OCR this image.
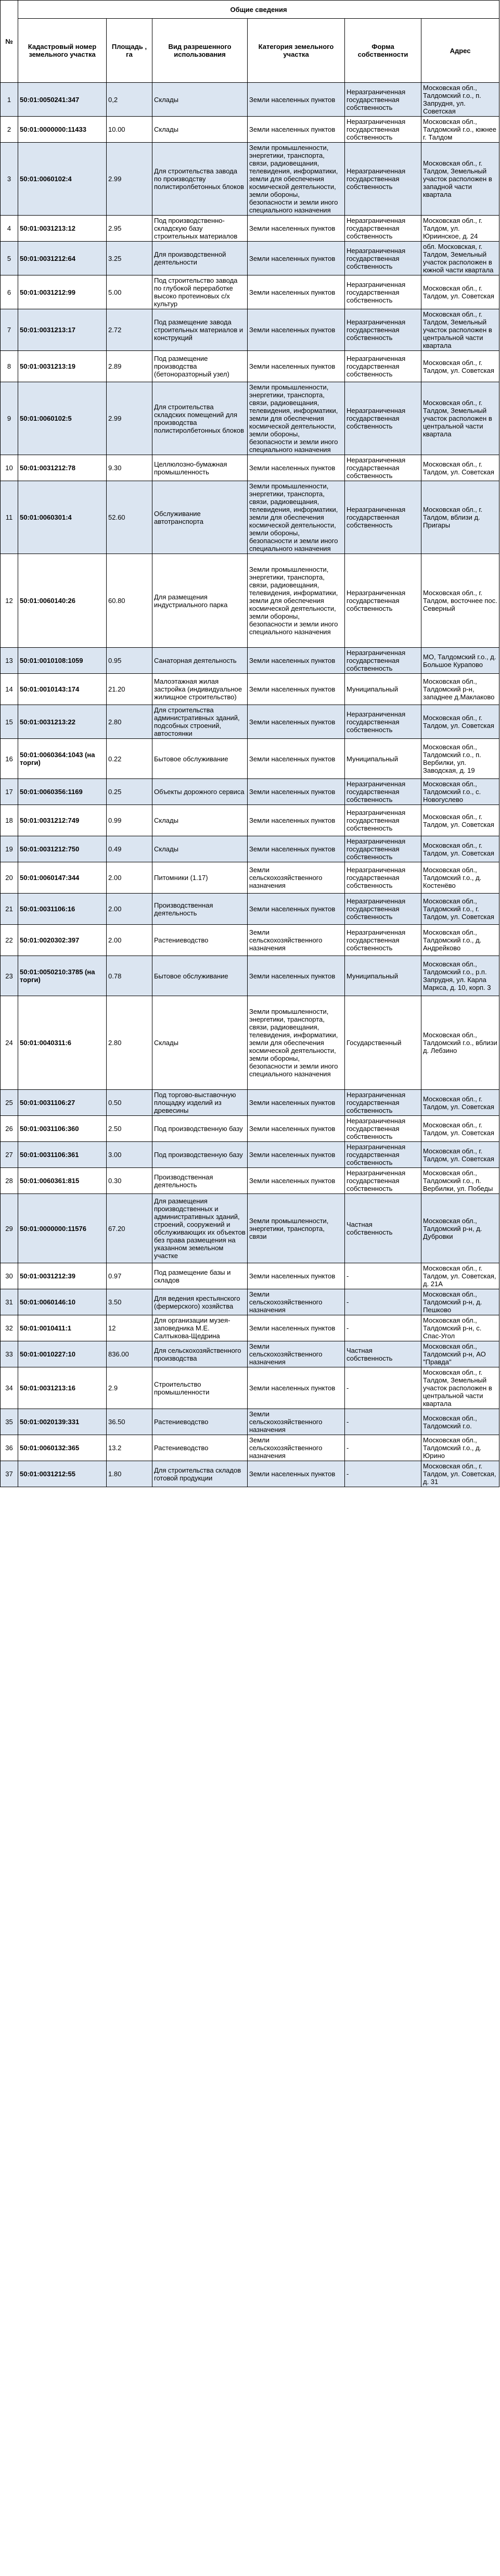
№	Общие сведения					
	Кадастровый номер земельного участка	Площадь , га	Вид разрешенного использования	Категория земельного участка	Форма собственности	Адрес
1	50:01:0050241:347	0,2	Склады	Земли населенных пунктов	Неразграниченная государственная собственность	Московская обл., Талдомский г.о., п. Запрудня, ул. Советская
2	50:01:0000000:11433	10.00	Склады	Земли населенных пунктов	Неразграниченная государственная собственность	Московская обл., Талдомский г.о., южнее г. Талдом
3	50:01:0060102:4	2.99	Для строительства завода по производству полистиролбетонных блоков	Земли промышленности, энергетики, транспорта, связи, радиовещания, телевидения, информатики, земли для обеспечения космической деятельности, земли обороны, безопасности и земли иного специального назначения	Неразграниченная государственная собственность	Московская обл., г. Талдом, Земельный участок расположен в западной части квартала
4	50:01:0031213:12	2.95	Под производственно-складскую базу строительных материалов	Земли населенных пунктов	Неразграниченная государственная собственность	Московская обл., г. Талдом, ул. Юриинское, д. 24
5	50:01:0031212:64	3.25	Для производственной деятельности	Земли населенных пунктов	Неразграниченная государственная собственность	обл. Московская, г. Талдом, Земельный участок расположен в южной части квартала
6	50:01:0031212:99	5.00	Под строительство завода по глубокой переработке высоко протеиновых с/х культур	Земли населенных пунктов	Неразграниченная государственная собственность	Московская обл., г. Талдом, ул. Советская
7	50:01:0031213:17	2.72	Под размещение завода строительных материалов и конструкций	Земли населенных пунктов	Неразграниченная государственная собственность	Московская обл., г. Талдом, Земельный участок расположен в центральной части квартала
8	50:01:0031213:19	2.89	Под размещение производства (бетоноразторный узел)	Земли населенных пунктов	Неразграниченная государственная собственность	Московская обл., г. Талдом, ул. Советская
9	50:01:0060102:5	2.99	Для строительства складских помещений для производства полистиролбетонных блоков	Земли промышленности, энергетики, транспорта, связи, радиовещания, телевидения, информатики, земли для обеспечения космической деятельности, земли обороны, безопасности и земли иного специального назначения	Неразграниченная государственная собственность	Московская обл., г. Талдом, Земельный участок расположен в центральной части квартала
10	50:01:0031212:78	9.30	Целлюлозно-бумажная промышленность	Земли населенных пунктов	Неразграниченная государственная собственность	Московская обл., г. Талдом, ул. Советская
11	50:01:0060301:4	52.60	Обслуживание автотранспорта	Земли промышленности, энергетики, транспорта, связи, радиовещания, телевидения, информатики, земли для обеспечения космической деятельности, земли обороны, безопасности и земли иного специального назначения	Неразграниченная государственная собственность	Московская обл., г. Талдом, вблизи д. Пригары
12	50:01:0060140:26	60.80	Для размещения индустриального парка	Земли промышленности, энергетики, транспорта, связи, радиовещания, телевидения, информатики, земли для обеспечения космической деятельности, земли обороны, безопасности и земли иного специального назначения	Неразграниченная государственная собственность	Московская обл., г. Талдом, восточнее пос. Северный
13	50:01:0010108:1059	0.95	Санаторная деятельность	Земли населенных пунктов	Неразграниченная государственная собственность	МО, Талдомский г.о., д. Большое Курапово
14	50:01:0010143:174	21.20	Малоэтажная жилая застройка (индивидуальное жилищное строительство)	Земли населенных пунктов	Муниципальный	Московская обл., Талдомский р-н, западнее д.Маклаково
15	50:01:0031213:22	2.80	Для строительства административных зданий, подсобных строений, автостоянки	Земли населенных пунктов	Неразграниченная государственная собственность	Московская обл., г. Талдом, ул. Советская
16	50:01:0060364:1043 (на торги)	0.22	Бытовое обслуживание	Земли населенных пунктов	Муниципальный	Московская обл., Талдомский г.о., п. Вербилки, ул. Заводская, д. 19
17	50:01:0060356:1169	0.25	Объекты дорожного сервиса	Земли населенных пунктов	Неразграниченная государственная собственность	Московская обл., Талдомский г.о., с. Новогуслево
18	50:01:0031212:749	0.99	Склады	Земли населенных пунктов	Неразграниченная государственная собственность	Московская обл., г. Талдом, ул. Советская
19	50:01:0031212:750	0.49	Склады	Земли населенных пунктов	Неразграниченная государственная собственность	Московская обл., г. Талдом, ул. Советская
20	50:01:0060147:344	2.00	Питомники (1.17)	Земли сельскохозяйственного назначения	Неразграниченная государственная собственность	Московская обл., Талдомский г.о., д. Костенёво
21	50:01:0031106:16	2.00	Производственная деятельность	Земли населенных пунктов	Неразграниченная государственная собственность	Московская обл., Талдомский г.о., г. Талдом, ул. Советская
22	50:01:0020302:397	2.00	Растениеводство	Земли сельскохозяйственного назначения	Неразграниченная государственная собственность	Московская обл., Талдомский г.о., д. Андрейково
23	50:01:0050210:3785 (на торги)	0.78	Бытовое обслуживание	Земли населенных пунктов	Муниципальный	Московская обл., Талдомский г.о., р.п. Запрудня, ул. Карла Маркса, д. 10, корп. 3
24	50:01:0040311:6	2.80	Склады	Земли промышленности, энергетики, транспорта, связи, радиовещания, телевидения, информатики, земли для обеспечения космической деятельности, земли обороны, безопасности и земли иного специального назначения	Государственный	Московская обл., Талдомский г.о., вблизи д. Лебзино
25	50:01:0031106:27	0.50	Под торгово-выставочную площадку изделий из древесины	Земли населенных пунктов	Неразграниченная государственная собственность	Московская обл., г. Талдом, ул. Советская
26	50:01:0031106:360	2.50	Под производственную базу	Земли населенных пунктов	Неразграниченная государственная собственность	Московская обл., г. Талдом, ул. Советская
27	50:01:0031106:361	3.00	Под производственную базу	Земли населенных пунктов	Неразграниченная государственная собственность	Московская обл., г. Талдом, ул. Советская
28	50:01:0060361:815	0.30	Производственная деятельность	Земли населенных пунктов	Неразграниченная государственная собственность	Московская обл., Талдомский г.о., п. Вербилки, ул. Победы
29	50:01:0000000:11576	67.20	Для размещения производственных и административных зданий, строений, сооружений и обслуживающих их объектов без права размещения на указанном земельном участке	Земли промышленности, энергетики, транспорта, связи	Частная собственность	Московская обл., Талдомский р-н, д. Дубровки
30	50:01:0031212:39	0.97	Под размещение базы и складов	Земли населенных пунктов	-	Московская обл., г. Талдом, ул. Советская, д. 21А
31	50:01:0060146:10	3.50	Для ведения крестьянского (фермерского) хозяйства	Земли сельскохозяйственного назначения	-	Московская обл., Талдомский р-н, д. Пешково
32	50:01:0010411:1	12	Для организации музея-заповедника М.Е. Салтыкова-Щедрина	Земли населенных пунктов	-	Московская обл., Талдомский р-н, с. Спас-Угол
33	50:01:0010227:10	836.00	Для сельскохозяйственного производства	Земли сельскохозяйственного назначения	Частная собственность	Московская обл., Талдомский р-н, АО "Правда"
34	50:01:0031213:16	2.9	Строительство промышленности	Земли населенных пунктов	-	Московская обл., г. Талдом, Земельный участок расположен в центральной части квартала
35	50:01:0020139:331	36.50	Растениеводство	Земли сельскохозяйственного назначения	-	Московская обл., Талдомский г.о.
36	50:01:0060132:365	13.2	Растениеводство	Земли сельскохозяйственного назначения	-	Московская обл., Талдомский г.о., д. Юрино
37	50:01:0031212:55	1.80	Для строительства складов готовой продукции	Земли населенных пунктов	-	Московская обл., г. Талдом, ул. Советская, д. 31
